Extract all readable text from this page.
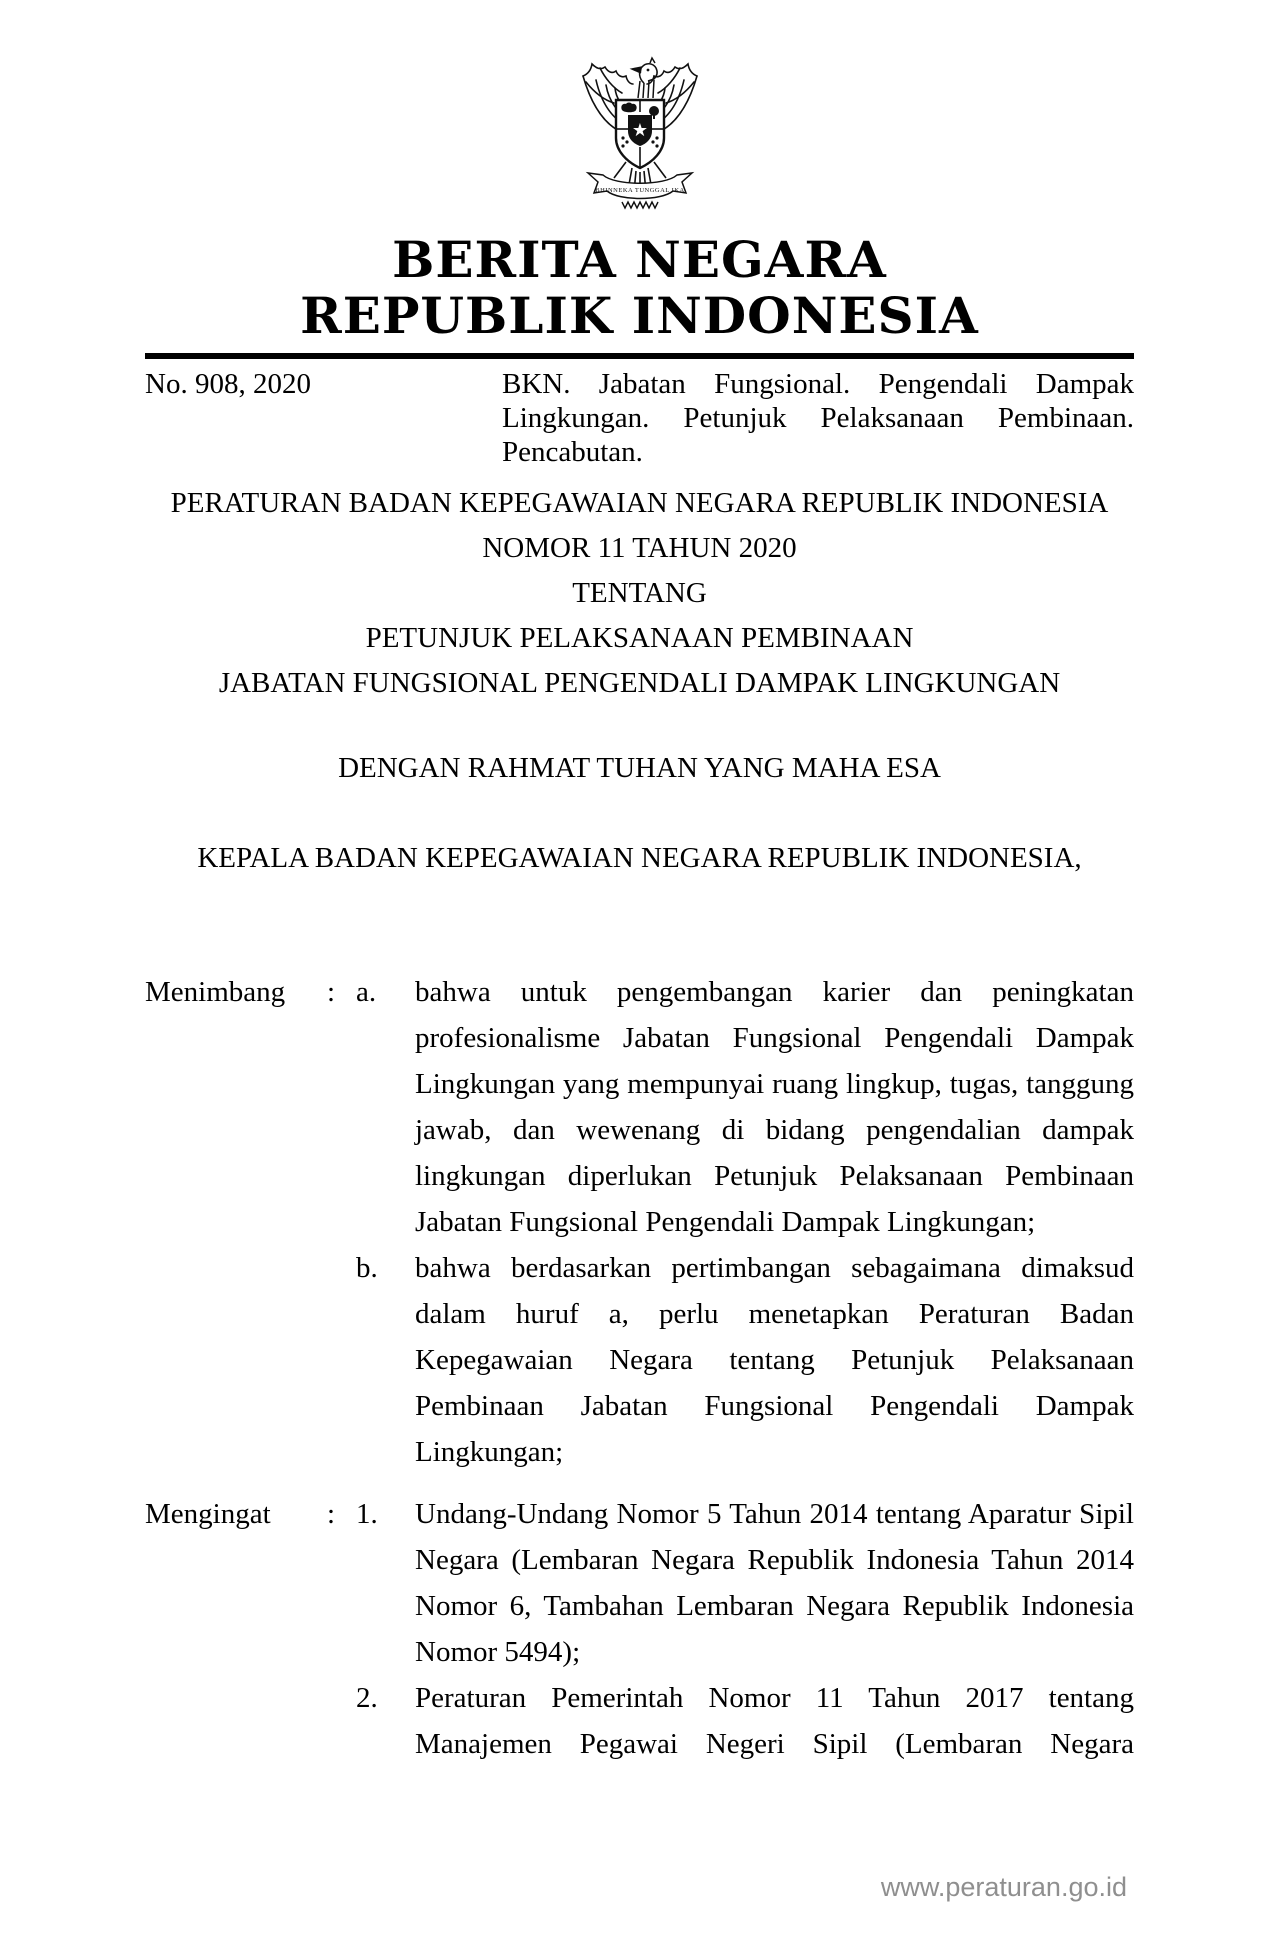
★
BHINNEKA TUNGGAL IKA
BERITA NEGARA
REPUBLIK INDONESIA
No. 908, 2020	BKN. Jabatan Fungsional. Pengendali Dampak Lingkungan. Petunjuk Pelaksanaan Pembinaan. Pencabutan.
PERATURAN BADAN KEPEGAWAIAN NEGARA REPUBLIK INDONESIA
NOMOR 11 TAHUN 2020
TENTANG
PETUNJUK PELAKSANAAN PEMBINAAN
JABATAN FUNGSIONAL PENGENDALI DAMPAK LINGKUNGAN
DENGAN RAHMAT TUHAN YANG MAHA ESA
KEPALA BADAN KEPEGAWAIAN NEGARA REPUBLIK INDONESIA,
Menimbang	: a.	bahwa untuk pengembangan karier dan peningkatan profesionalisme Jabatan Fungsional Pengendali Dampak Lingkungan yang mempunyai ruang lingkup, tugas, tanggung jawab, dan wewenang di bidang pengendalian dampak lingkungan diperlukan Petunjuk Pelaksanaan Pembinaan Jabatan Fungsional Pengendali Dampak Lingkungan;
b.	bahwa berdasarkan pertimbangan sebagaimana dimaksud dalam huruf a, perlu menetapkan Peraturan Badan Kepegawaian Negara tentang Petunjuk Pelaksanaan Pembinaan Jabatan Fungsional Pengendali Dampak Lingkungan;
Mengingat	: 1.	Undang-Undang Nomor 5 Tahun 2014 tentang Aparatur Sipil Negara (Lembaran Negara Republik Indonesia Tahun 2014 Nomor 6, Tambahan Lembaran Negara Republik Indonesia Nomor 5494);
2.	Peraturan Pemerintah Nomor 11 Tahun 2017 tentang Manajemen Pegawai Negeri Sipil (Lembaran Negara
www.peraturan.go.id
